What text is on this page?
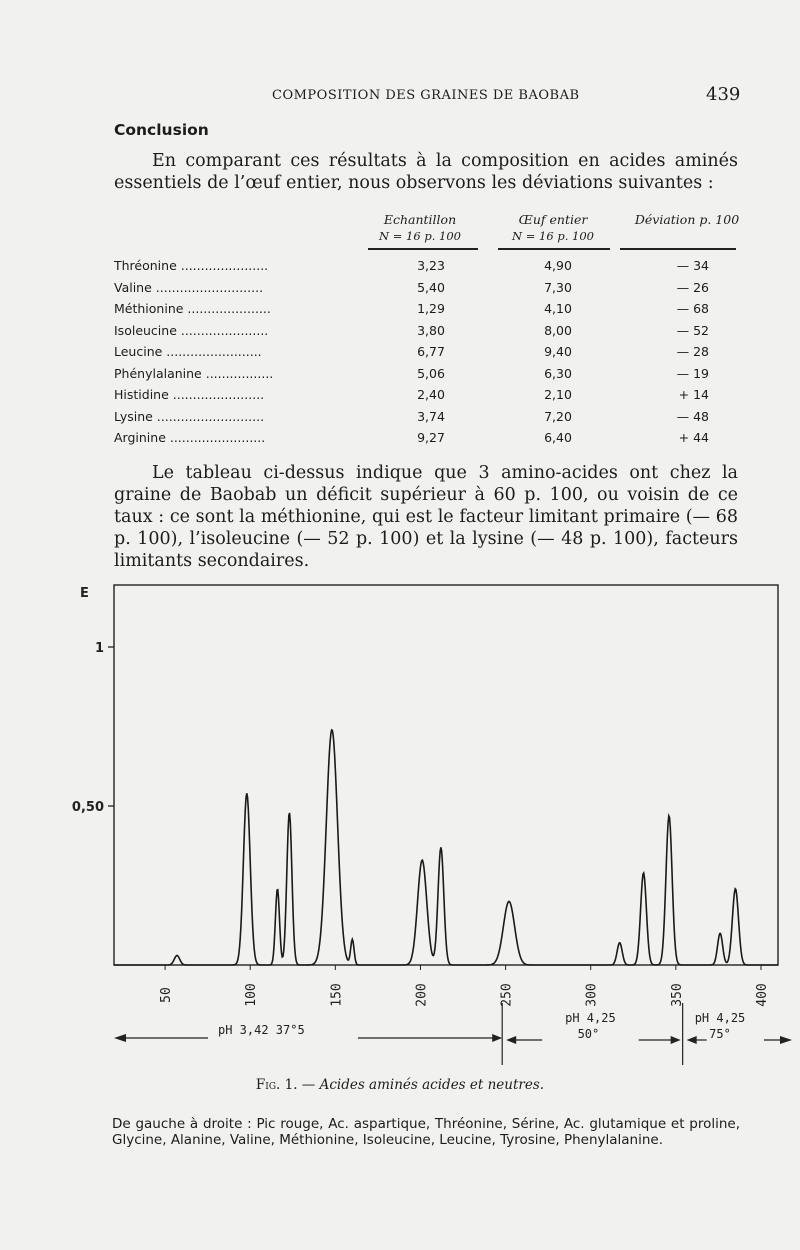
COMPOSITION DES GRAINES DE BAOBAB	439
Conclusion

En comparant ces résultats à la composition en acides aminés essentiels de l’œuf entier, nous observons les déviations suivantes :

Echantillon
N = 16 p. 100
Œuf entier
N = 16 p. 100
Déviation p. 100
Thréonine ......................	3,23	4,90	— 34
Valine ...........................	5,40	7,30	— 26
Méthionine .....................	1,29	4,10	— 68
Isoleucine ......................	3,80	8,00	— 52
Leucine ........................	6,77	9,40	— 28
Phénylalanine .................	5,06	6,30	— 19
Histidine .......................	2,40	2,10	+ 14
Lysine ...........................	3,74	7,20	— 48
Arginine ........................	9,27	6,40	+ 44

Le tableau ci-dessus indique que 3 amino-acides ont chez la graine de Baobab un déficit supérieur à 60 p. 100, ou voisin de ce taux : ce sont la méthionine, qui est le facteur limitant primaire (— 68 p. 100), l’isoleucine (— 52 p. 100) et la lysine (— 48 p. 100), facteurs limitants secondaires.

E
1
0,50
50	100	150	200	250	300	350	400
pH 3,42 37°5
pH 4,25
50°
pH 4,25
75°
Fig. 1. — Acides aminés acides et neutres.

De gauche à droite : Pic rouge, Ac. aspartique, Thréonine, Sérine, Ac. glutamique et proline, Glycine, Alanine, Valine, Méthionine, Isoleucine, Leucine, Tyrosine, Phenylalanine.
